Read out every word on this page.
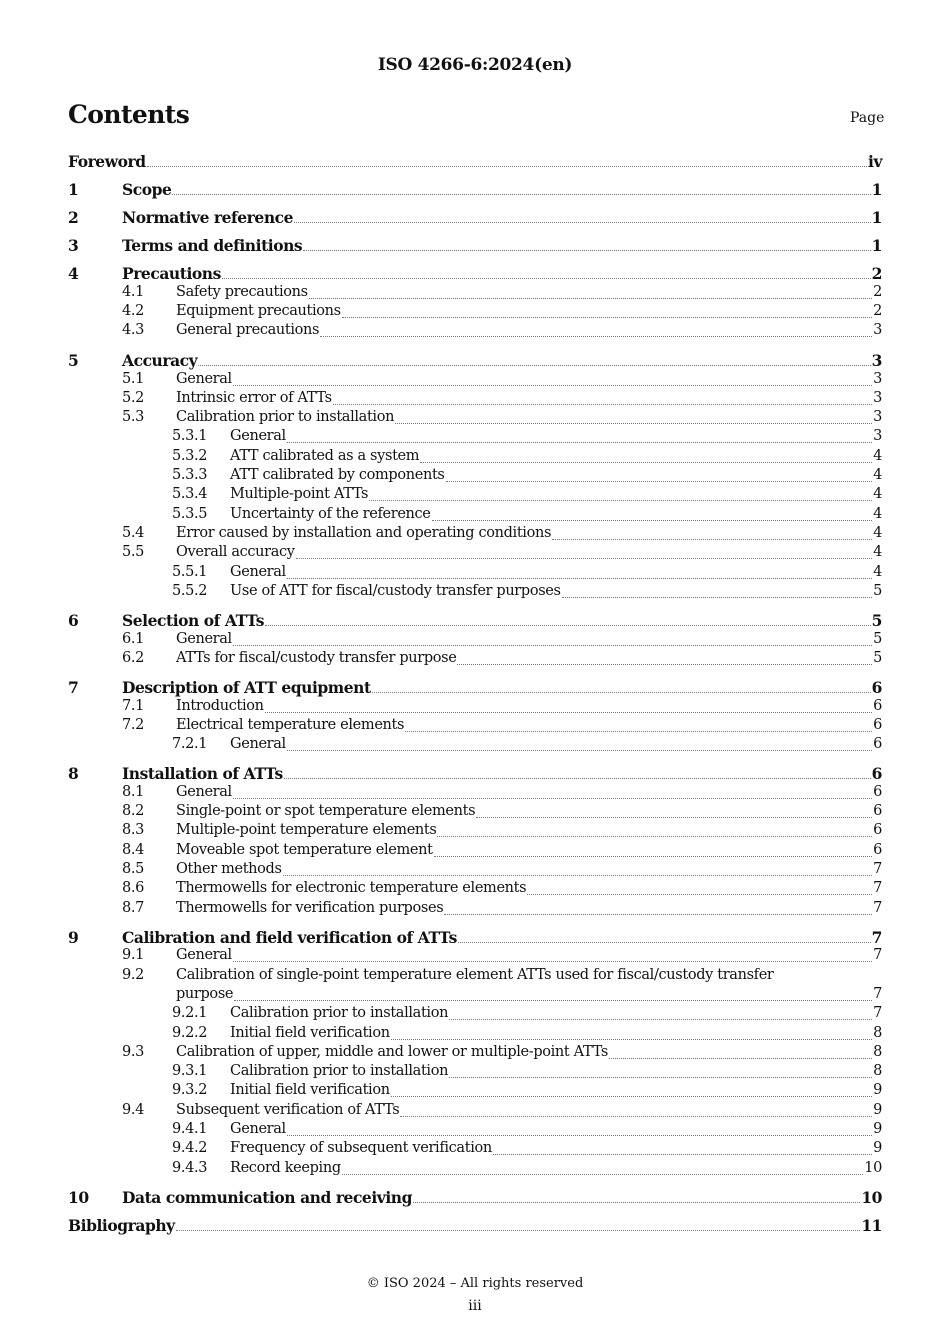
ISO 4266-6:2024(en)
Contents	Page
Foreword	iv
1	Scope	1
2	Normative reference	1
3	Terms and definitions	1
4	Precautions	2
4.1 Safety precautions	2
4.2 Equipment precautions	2
4.3 General precautions	3
5	Accuracy	3
5.1 General	3
5.2 Intrinsic error of ATTs	3
5.3 Calibration prior to installation	3
5.3.1 General	3
5.3.2 ATT calibrated as a system	4
5.3.3 ATT calibrated by components	4
5.3.4 Multiple-point ATTs	4
5.3.5 Uncertainty of the reference	4
5.4 Error caused by installation and operating conditions	4
5.5 Overall accuracy	4
5.5.1 General	4
5.5.2 Use of ATT for fiscal/custody transfer purposes	5
6	Selection of ATTs	5
6.1 General	5
6.2 ATTs for fiscal/custody transfer purpose	5
7	Description of ATT equipment	6
7.1 Introduction	6
7.2 Electrical temperature elements	6
7.2.1 General	6
8	Installation of ATTs	6
8.1 General	6
8.2 Single-point or spot temperature elements	6
8.3 Multiple-point temperature elements	6
8.4 Moveable spot temperature element	6
8.5 Other methods	7
8.6 Thermowells for electronic temperature elements	7
8.7 Thermowells for verification purposes	7
9	Calibration and field verification of ATTs	7
9.1 General	7
9.2 Calibration of single-point temperature element ATTs used for fiscal/custody transfer
purpose	7
9.2.1 Calibration prior to installation	7
9.2.2 Initial field verification	8
9.3 Calibration of upper, middle and lower or multiple-point ATTs	8
9.3.1 Calibration prior to installation	8
9.3.2 Initial field verification	9
9.4 Subsequent verification of ATTs	9
9.4.1 General	9
9.4.2 Frequency of subsequent verification	9
9.4.3 Record keeping	10
10 Data communication and receiving	10
Bibliography	11
© ISO 2024 – All rights reserved
iii
